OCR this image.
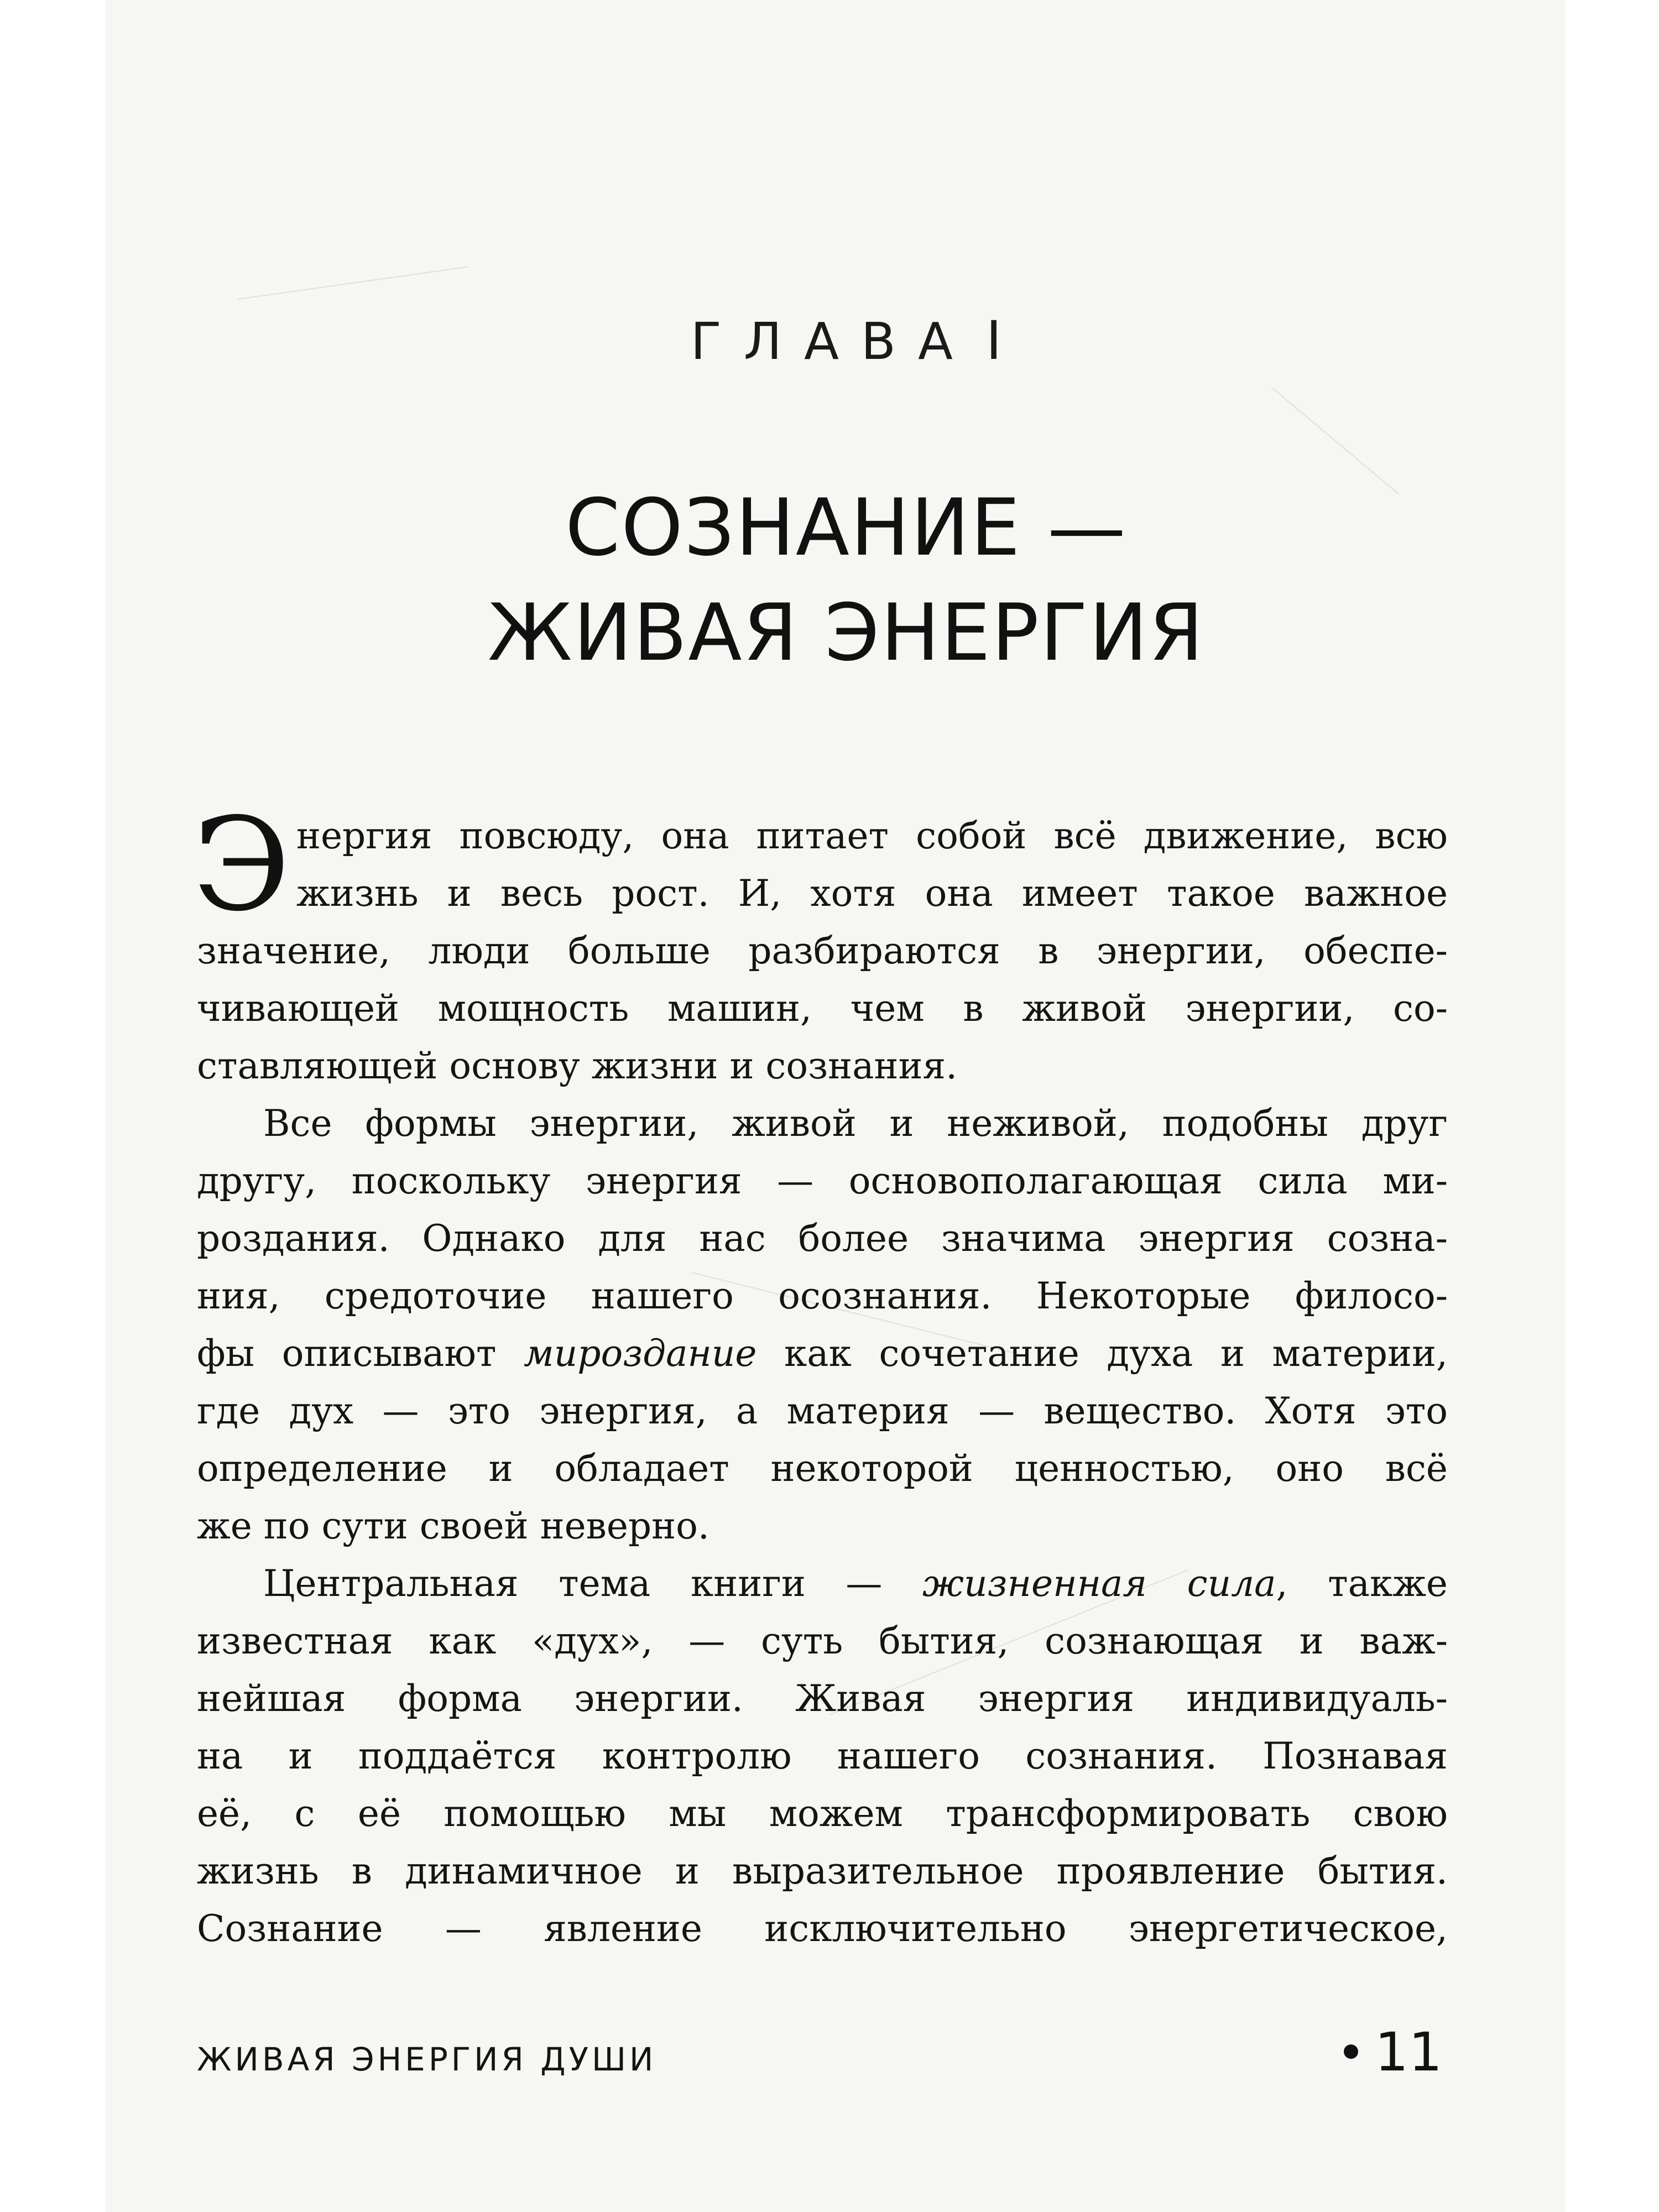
ГЛАВА I
СОЗНАНИЕ —
ЖИВАЯ ЭНЕРГИЯ
Э нергия повсюду, она питает собой всё движение, всю
жизнь и весь рост. И, хотя она имеет такое важное
значение, люди больше разбираются в энергии, обеспе-
чивающей мощность машин, чем в живой энергии, со-
ставляющей основу жизни и сознания.
Все формы энергии, живой и неживой, подобны друг
другу, поскольку энергия — основополагающая сила ми-
роздания. Однако для нас более значима энергия созна-
ния, средоточие нашего осознания. Некоторые филосо-
фы описывают мироздание как сочетание духа и материи,
где дух — это энергия, а материя — вещество. Хотя это
определение и обладает некоторой ценностью, оно всё
же по сути своей неверно.
Центральная тема книги — жизненная сила, также
известная как «дух», — суть бытия, сознающая и важ-
нейшая форма энергии. Живая энергия индивидуаль-
на и поддаётся контролю нашего сознания. Познавая
её, с её помощью мы можем трансформировать свою
жизнь в динамичное и выразительное проявление бытия.
Сознание — явление исключительно энергетическое,
ЖИВАЯ ЭНЕРГИЯ ДУШИ	11
